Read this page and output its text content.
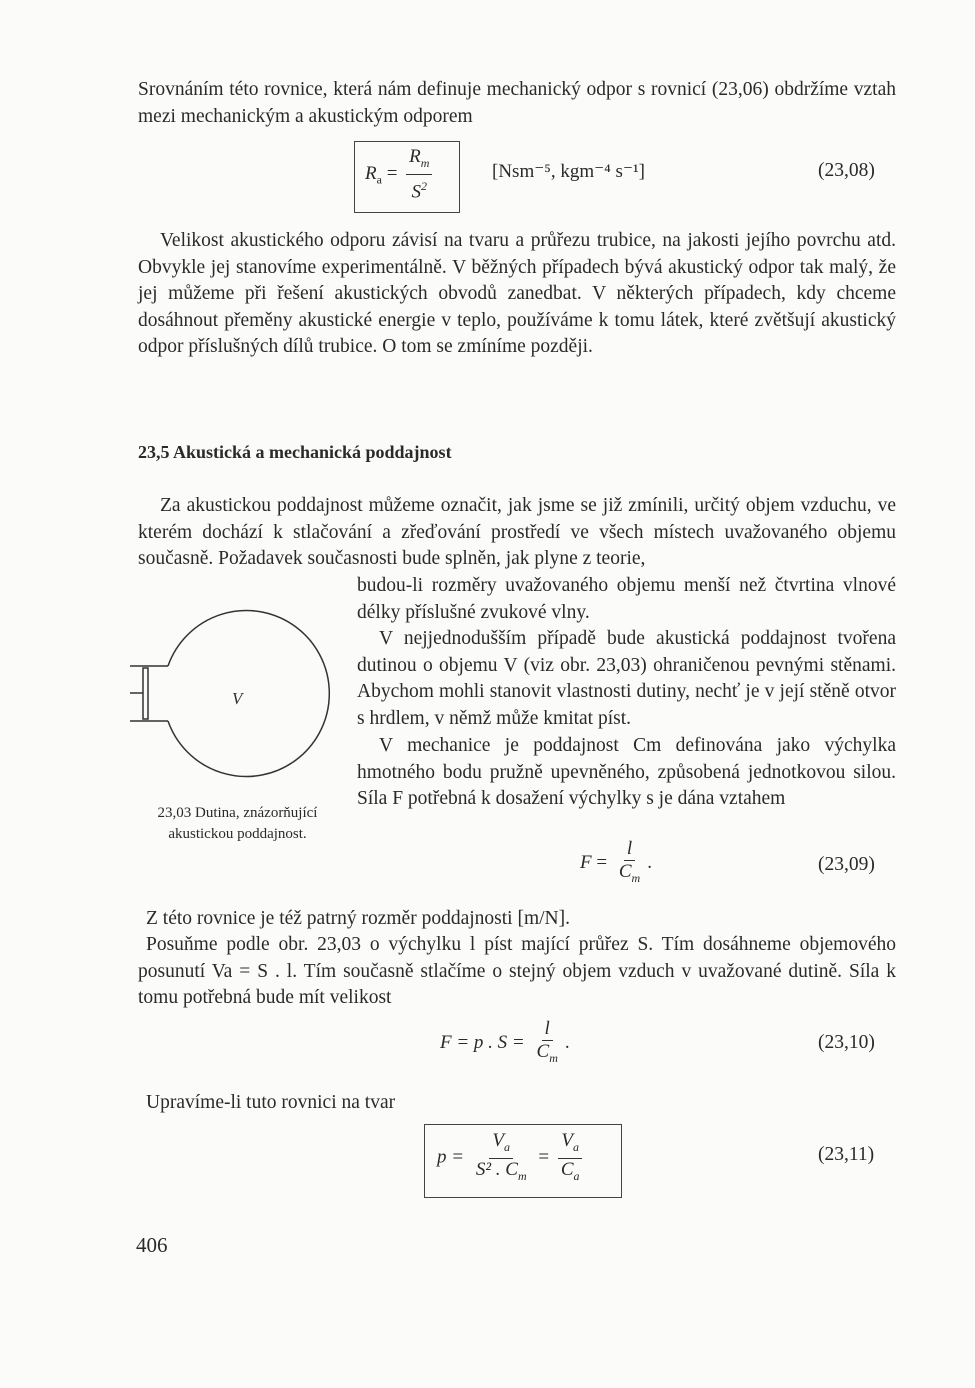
Srovnáním této rovnice, která nám definuje mechanický odpor s rovnicí (23,06) obdržíme vztah mezi mechanickým a akustickým odporem
$R_a = \frac{R_m}{S^2}$	[Nsm⁻⁵, kgm⁻⁴ s⁻¹]	(23,08)
Velikost akustického odporu závisí na tvaru a průřezu trubice, na jakosti jejího povrchu atd. Obvykle jej stanovíme experimentálně. V běžných případech bývá akustický odpor tak malý, že jej můžeme při řešení akustických obvodů zanedbat. V některých případech, kdy chceme dosáhnout přeměny akustické energie v teplo, používáme k tomu látek, které zvětšují akustický odpor příslušných dílů trubice. O tom se zmíníme později.
23,5 Akustická a mechanická poddajnost
Za akustickou poddajnost můžeme označit, jak jsme se již zmínili, určitý objem vzduchu, ve kterém dochází k stlačování a zřeďování prostředí ve všech místech uvažovaného objemu současně. Požadavek současnosti bude splněn, jak plyne z teorie,
budou-li rozměry uvažovaného objemu menší než čtvrtina vlnové délky příslušné zvukové vlny.
V
23,03 Dutina, znázorňující akustickou poddajnost.
V nejjednodušším případě bude akustická poddajnost tvořena dutinou o objemu V (viz obr. 23,03) ohraničenou pevnými stěnami. Abychom mohli stanovit vlastnosti dutiny, nechť je v její stěně otvor s hrdlem, v němž může kmitat píst.
V mechanice je poddajnost Cm definována jako výchylka hmotného bodu pružně upevněného, způsobená jednotkovou silou. Síla F potřebná k dosažení výchylky s je dána vztahem
$F = \frac{l}{C_m}$ .	(23,09)
Z této rovnice je též patrný rozměr poddajnosti [m/N].
Posuňme podle obr. 23,03 o výchylku l píst mající průřez S. Tím dosáhneme objemového posunutí Va = S . l. Tím současně stlačíme o stejný objem vzduch v uvažované dutině. Síla k tomu potřebná bude mít velikost
F = p . $S = \frac{l}{C_m}$ .	(23,10)
Upravíme-li tuto rovnici na tvar
$p = \frac{V_a}{S^2 . C_m} = \frac{V_a}{C_a}$	(23,11)
406
